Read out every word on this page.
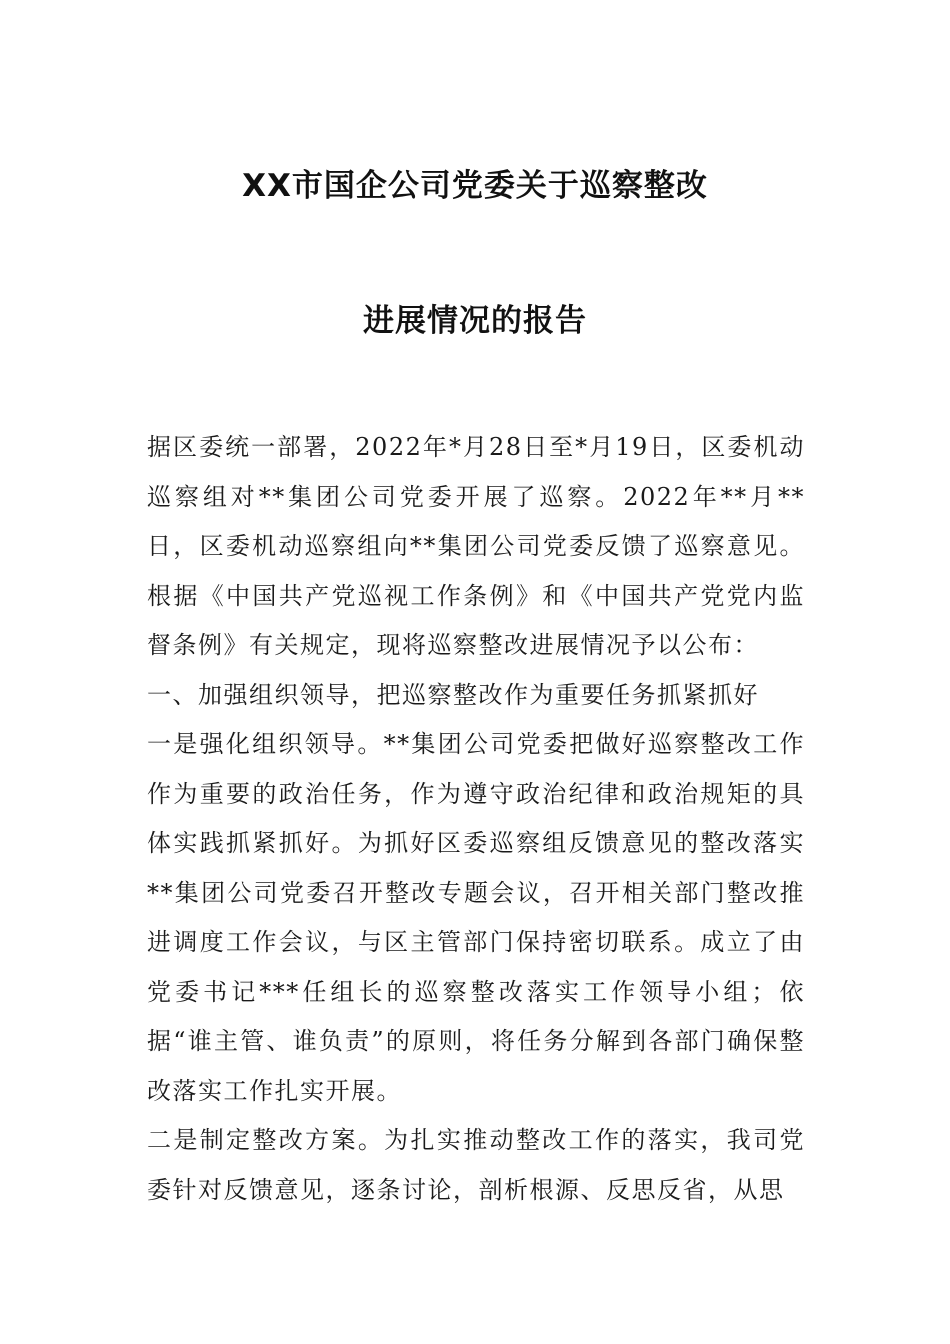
XX市国企公司党委关于巡察整改
进展情况的报告

据区委统一部署，2022年*月28日至*月19日，区委机动巡察组对**集团公司党委开展了巡察。2022年**月**日，区委机动巡察组向**集团公司党委反馈了巡察意见。根据《中国共产党巡视工作条例》和《中国共产党党内监督条例》有关规定，现将巡察整改进展情况予以公布：

一、加强组织领导，把巡察整改作为重要任务抓紧抓好

一是强化组织领导。**集团公司党委把做好巡察整改工作作为重要的政治任务，作为遵守政治纪律和政治规矩的具体实践抓紧抓好。为抓好区委巡察组反馈意见的整改落实**集团公司党委召开整改专题会议，召开相关部门整改推进调度工作会议，与区主管部门保持密切联系。成立了由党委书记***任组长的巡察整改落实工作领导小组；依据“谁主管、谁负责”的原则，将任务分解到各部门确保整改落实工作扎实开展。

二是制定整改方案。为扎实推动整改工作的落实，我司党委针对反馈意见，逐条讨论，剖析根源、反思反省，从思
